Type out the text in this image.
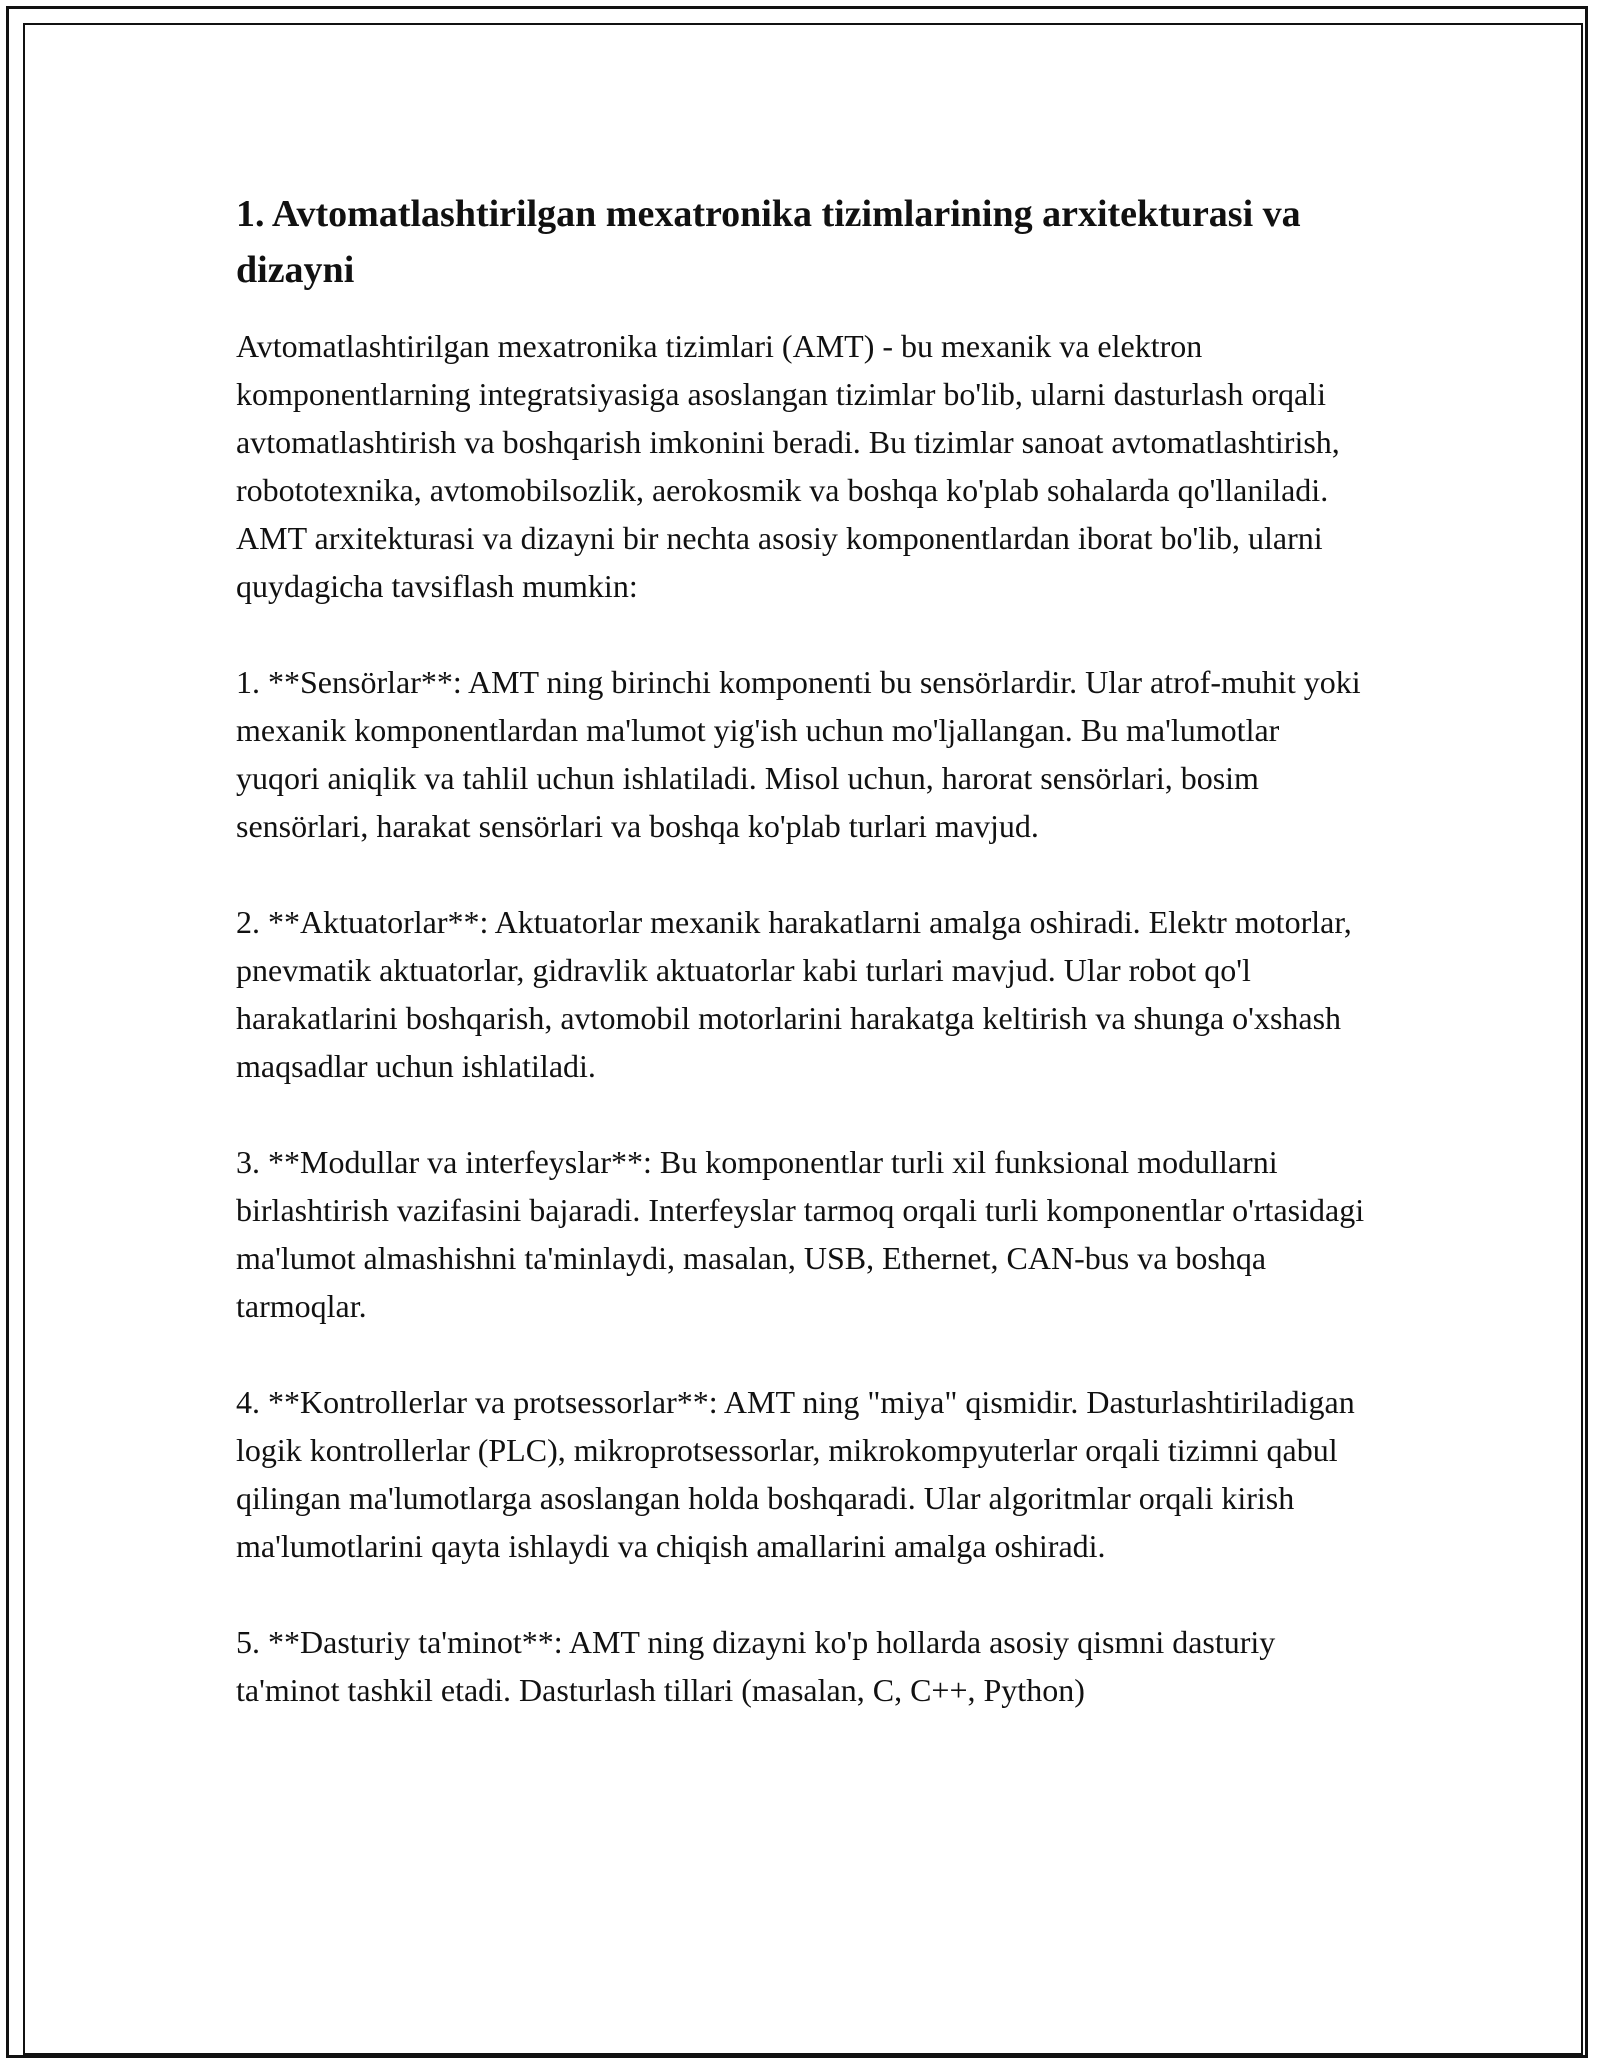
1. Avtomatlashtirilgan mexatronika tizimlarining arxitekturasi va dizayni

Avtomatlashtirilgan mexatronika tizimlari (AMT) - bu mexanik va elektron komponentlarning integratsiyasiga asoslangan tizimlar bo'lib, ularni dasturlash orqali avtomatlashtirish va boshqarish imkonini beradi. Bu tizimlar sanoat avtomatlashtirish, robototexnika, avtomobilsozlik, aerokosmik va boshqa ko'plab sohalarda qo'llaniladi. AMT arxitekturasi va dizayni bir nechta asosiy komponentlardan iborat bo'lib, ularni quydagicha tavsiflash mumkin:

1. **Sensörlar**: AMT ning birinchi komponenti bu sensörlardir. Ular atrof-muhit yoki mexanik komponentlardan ma'lumot yig'ish uchun mo'ljallangan. Bu ma'lumotlar yuqori aniqlik va tahlil uchun ishlatiladi. Misol uchun, harorat sensörlari, bosim sensörlari, harakat sensörlari va boshqa ko'plab turlari mavjud.

2. **Aktuatorlar**: Aktuatorlar mexanik harakatlarni amalga oshiradi. Elektr motorlar, pnevmatik aktuatorlar, gidravlik aktuatorlar kabi turlari mavjud. Ular robot qo'l harakatlarini boshqarish, avtomobil motorlarini harakatga keltirish va shunga o'xshash maqsadlar uchun ishlatiladi.

3. **Modullar va interfeyslar**: Bu komponentlar turli xil funksional modullarni birlashtirish vazifasini bajaradi. Interfeyslar tarmoq orqali turli komponentlar o'rtasidagi ma'lumot almashishni ta'minlaydi, masalan, USB, Ethernet, CAN-bus va boshqa tarmoqlar.

4. **Kontrollerlar va protsessorlar**: AMT ning "miya" qismidir. Dasturlashtiriladigan logik kontrollerlar (PLC), mikroprotsessorlar, mikrokompyuterlar orqali tizimni qabul qilingan ma'lumotlarga asoslangan holda boshqaradi. Ular algoritmlar orqali kirish ma'lumotlarini qayta ishlaydi va chiqish amallarini amalga oshiradi.

5. **Dasturiy ta'minot**: AMT ning dizayni ko'p hollarda asosiy qismni dasturiy ta'minot tashkil etadi. Dasturlash tillari (masalan, C, C++, Python)
